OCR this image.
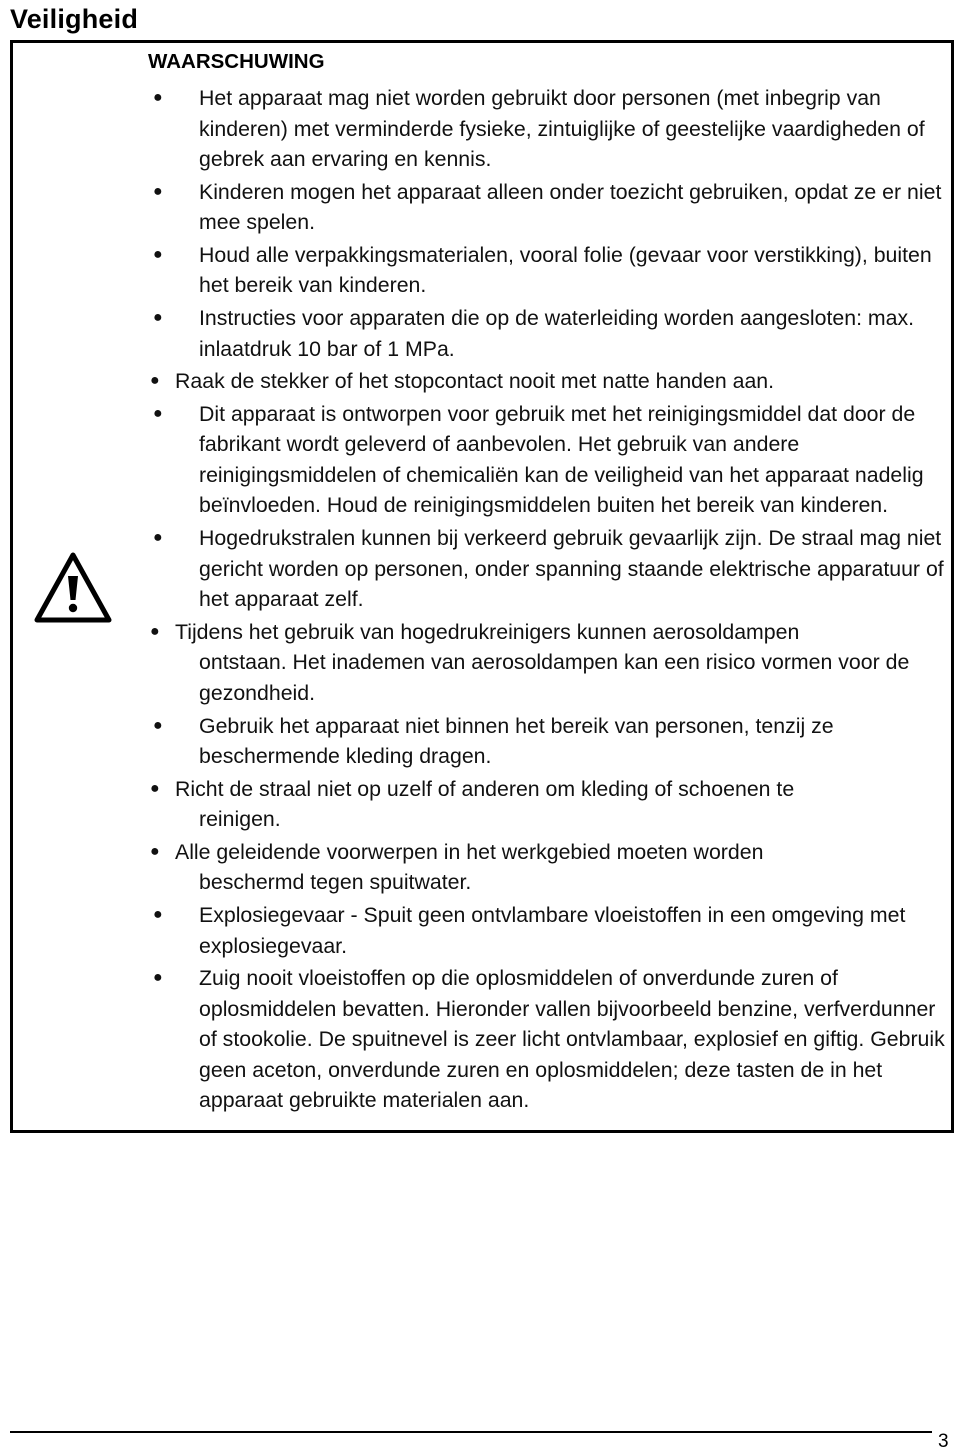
Veiligheid
WAARSCHUWING
● Het apparaat mag niet worden gebruikt door personen (met inbegrip van kinderen) met verminderde fysieke, zintuiglijke of geestelijke vaardigheden of gebrek aan ervaring en kennis.
● Kinderen mogen het apparaat alleen onder toezicht gebruiken, opdat ze er niet mee spelen.
● Houd alle verpakkingsmaterialen, vooral folie (gevaar voor verstikking), buiten het bereik van kinderen.
● Instructies voor apparaten die op de waterleiding worden aangesloten: max. inlaatdruk 10 bar of 1 MPa.
● Raak de stekker of het stopcontact nooit met natte handen aan.
● Dit apparaat is ontworpen voor gebruik met het reinigingsmiddel dat door de fabrikant wordt geleverd of aanbevolen. Het gebruik van andere reinigingsmiddelen of chemicaliën kan de veiligheid van het apparaat nadelig beïnvloeden. Houd de reinigingsmiddelen buiten het bereik van kinderen.
● Hogedrukstralen kunnen bij verkeerd gebruik gevaarlijk zijn. De straal mag niet gericht worden op personen, onder spanning staande elektrische apparatuur of het apparaat zelf.
● Tijdens het gebruik van hogedrukreinigers kunnen aerosoldampen
ontstaan. Het inademen van aerosoldampen kan een risico vormen voor de gezondheid.
● Gebruik het apparaat niet binnen het bereik van personen, tenzij ze beschermende kleding dragen.
● Richt de straal niet op uzelf of anderen om kleding of schoenen te
reinigen.
● Alle geleidende voorwerpen in het werkgebied moeten worden
beschermd tegen spuitwater.
● Explosiegevaar - Spuit geen ontvlambare vloeistoffen in een omgeving met explosiegevaar.
● Zuig nooit vloeistoffen op die oplosmiddelen of onverdunde zuren of oplosmiddelen bevatten. Hieronder vallen bijvoorbeeld benzine, verfverdunner of stookolie. De spuitnevel is zeer licht ontvlambaar, explosief en giftig. Gebruik geen aceton, onverdunde zuren en oplosmiddelen; deze tasten de in het apparaat gebruikte materialen aan.
3
